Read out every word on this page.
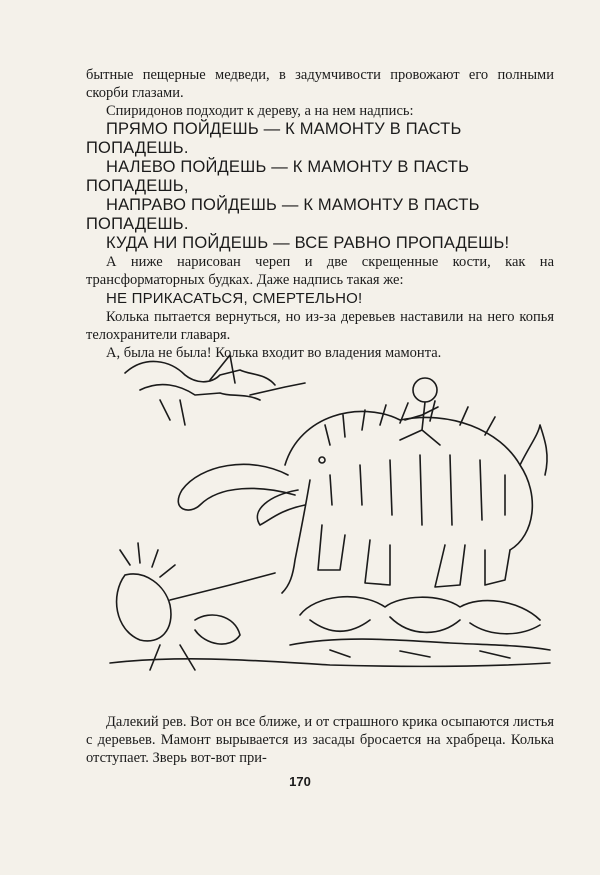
бытные пещерные медведи, в задумчивости провожают его полными скорби глазами.

Спиридонов подходит к дереву, а на нем надпись:

ПРЯМО ПОЙДЕШЬ — К МАМОНТУ В ПАСТЬ ПОПАДЕШЬ.

НАЛЕВО ПОЙДЕШЬ — К МАМОНТУ В ПАСТЬ ПОПАДЕШЬ,

НАПРАВО ПОЙДЕШЬ — К МАМОНТУ В ПАСТЬ ПОПАДЕШЬ.

КУДА НИ ПОЙДЕШЬ — ВСЕ РАВНО ПРОПАДЕШЬ!

А ниже нарисован череп и две скрещенные кости, как на трансформаторных будках. Даже надпись такая же:

НЕ ПРИКАСАТЬСЯ, СМЕРТЕЛЬНО!

Колька пытается вернуться, но из-за деревьев наставили на него копья телохранители главаря.

А, была не была! Колька входит во владения мамонта.

Далекий рев. Вот он все ближе, и от страшного крика осыпаются листья с деревьев. Мамонт вырывается из засады бросается на храбреца. Колька отступает. Зверь вот-вот при-

170
